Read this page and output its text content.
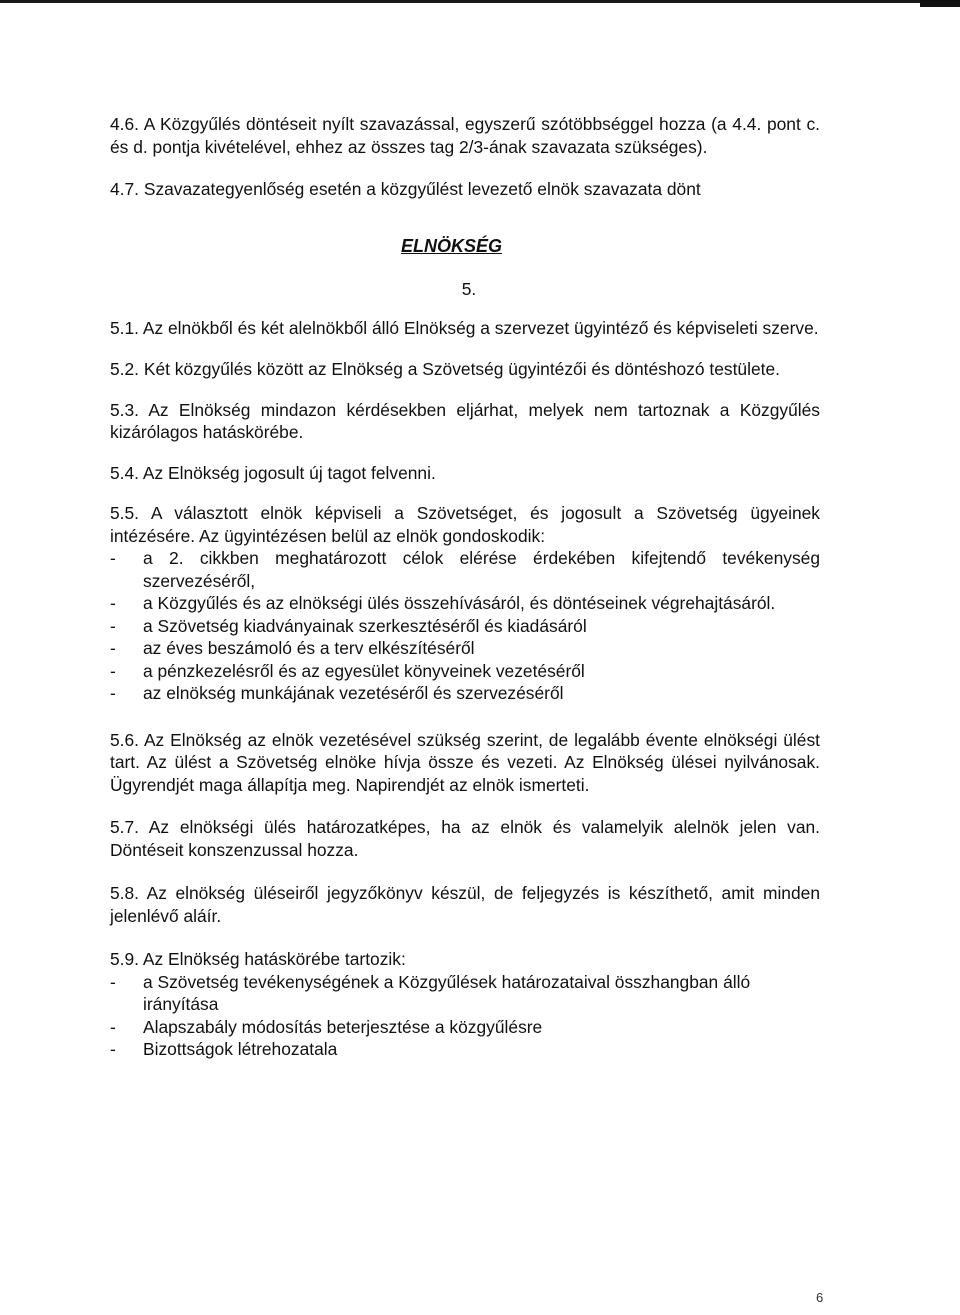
4.6. A Közgyűlés döntéseit nyílt szavazással, egyszerű szótöbbséggel hozza (a 4.4. pont c. és d. pontja kivételével, ehhez az összes tag 2/3-ának szavazata szükséges).

4.7. Szavazategyenlőség esetén a közgyűlést levezető elnök szavazata dönt

ELNÖKSÉG
5.

5.1. Az elnökből és két alelnökből álló Elnökség a szervezet ügyintéző és képviseleti szerve.

5.2. Két közgyűlés között az Elnökség a Szövetség ügyintézői és döntéshozó testülete.

5.3. Az Elnökség mindazon kérdésekben eljárhat, melyek nem tartoznak a Közgyűlés kizárólagos hatáskörébe.

5.4. Az Elnökség jogosult új tagot felvenni.

5.5. A választott elnök képviseli a Szövetséget, és jogosult a Szövetség ügyeinek intézésére. Az ügyintézésen belül az elnök gondoskodik:

-	a 2. cikkben meghatározott célok elérése érdekében kifejtendő tevékenység szervezéséről,
-	a Közgyűlés és az elnökségi ülés összehívásáról, és döntéseinek végrehajtásáról.
-	a Szövetség kiadványainak szerkesztéséről és kiadásáról
-	az éves beszámoló és a terv elkészítéséről
-	a pénzkezelésről és az egyesület könyveinek vezetéséről
-	az elnökség munkájának vezetéséről és szervezéséről

5.6. Az Elnökség az elnök vezetésével szükség szerint, de legalább évente elnökségi ülést tart. Az ülést a Szövetség elnöke hívja össze és vezeti. Az Elnökség ülései nyilvánosak. Ügyrendjét maga állapítja meg. Napirendjét az elnök ismerteti.

5.7. Az elnökségi ülés határozatképes, ha az elnök és valamelyik alelnök jelen van. Döntéseit konszenzussal hozza.

5.8. Az elnökség üléseiről jegyzőkönyv készül, de feljegyzés is készíthető, amit minden jelenlévő aláír.

5.9. Az Elnökség hatáskörébe tartozik:

-	a Szövetség tevékenységének a Közgyűlések határozataival összhangban álló irányítása
-	Alapszabály módosítás beterjesztése a közgyűlésre
-	Bizottságok létrehozatala
6
